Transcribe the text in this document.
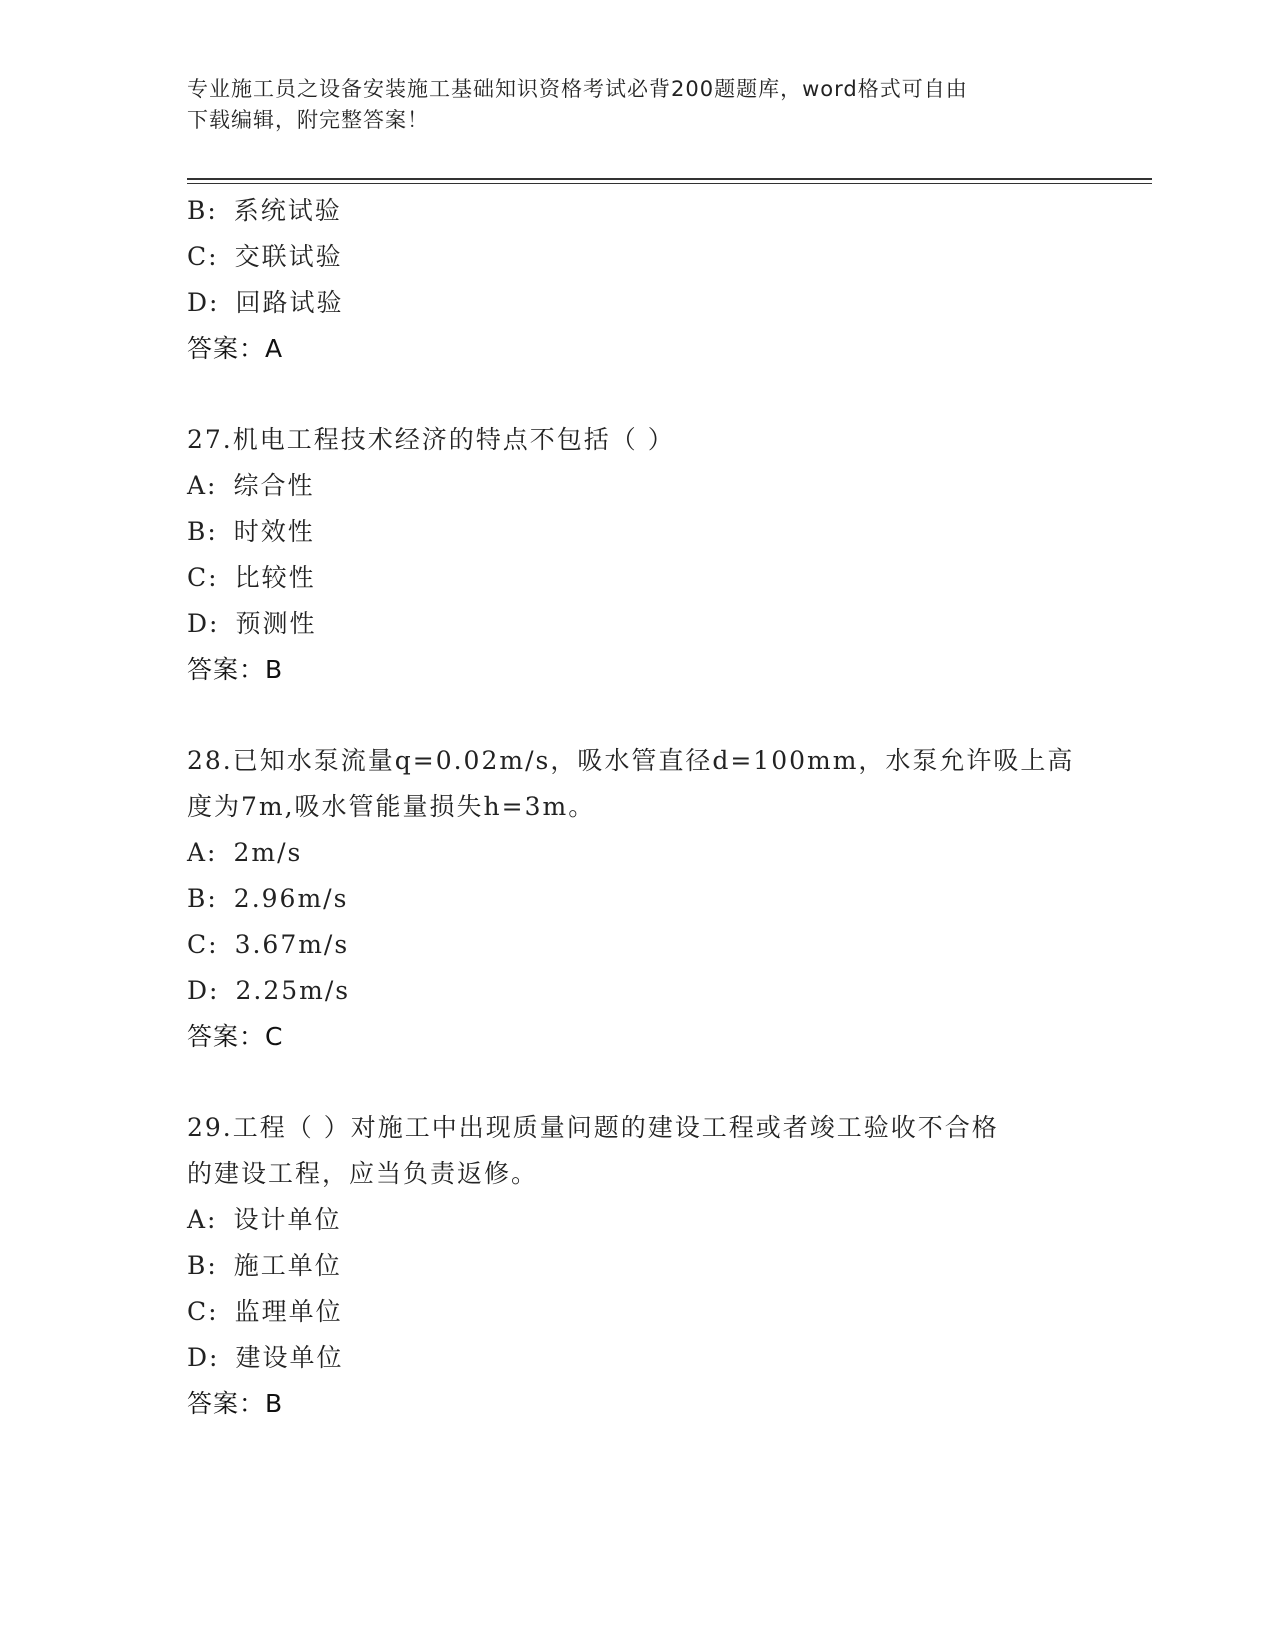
专业施工员之设备安装施工基础知识资格考试必背200题题库，word格式可自由
下载编辑，附完整答案！
B: 系统试验
C: 交联试验
D: 回路试验
答案：A
27.机电工程技术经济的特点不包括（ ）
A: 综合性
B: 时效性
C: 比较性
D: 预测性
答案：B
28.已知水泵流量q=0.02m/s，吸水管直径d=100mm，水泵允许吸上高
度为7m,吸水管能量损失h=3m。
A: 2m/s
B: 2.96m/s
C: 3.67m/s
D: 2.25m/s
答案：C
29.工程（ ）对施工中出现质量问题的建设工程或者竣工验收不合格
的建设工程，应当负责返修。
A: 设计单位
B: 施工单位
C: 监理单位
D: 建设单位
答案：B
